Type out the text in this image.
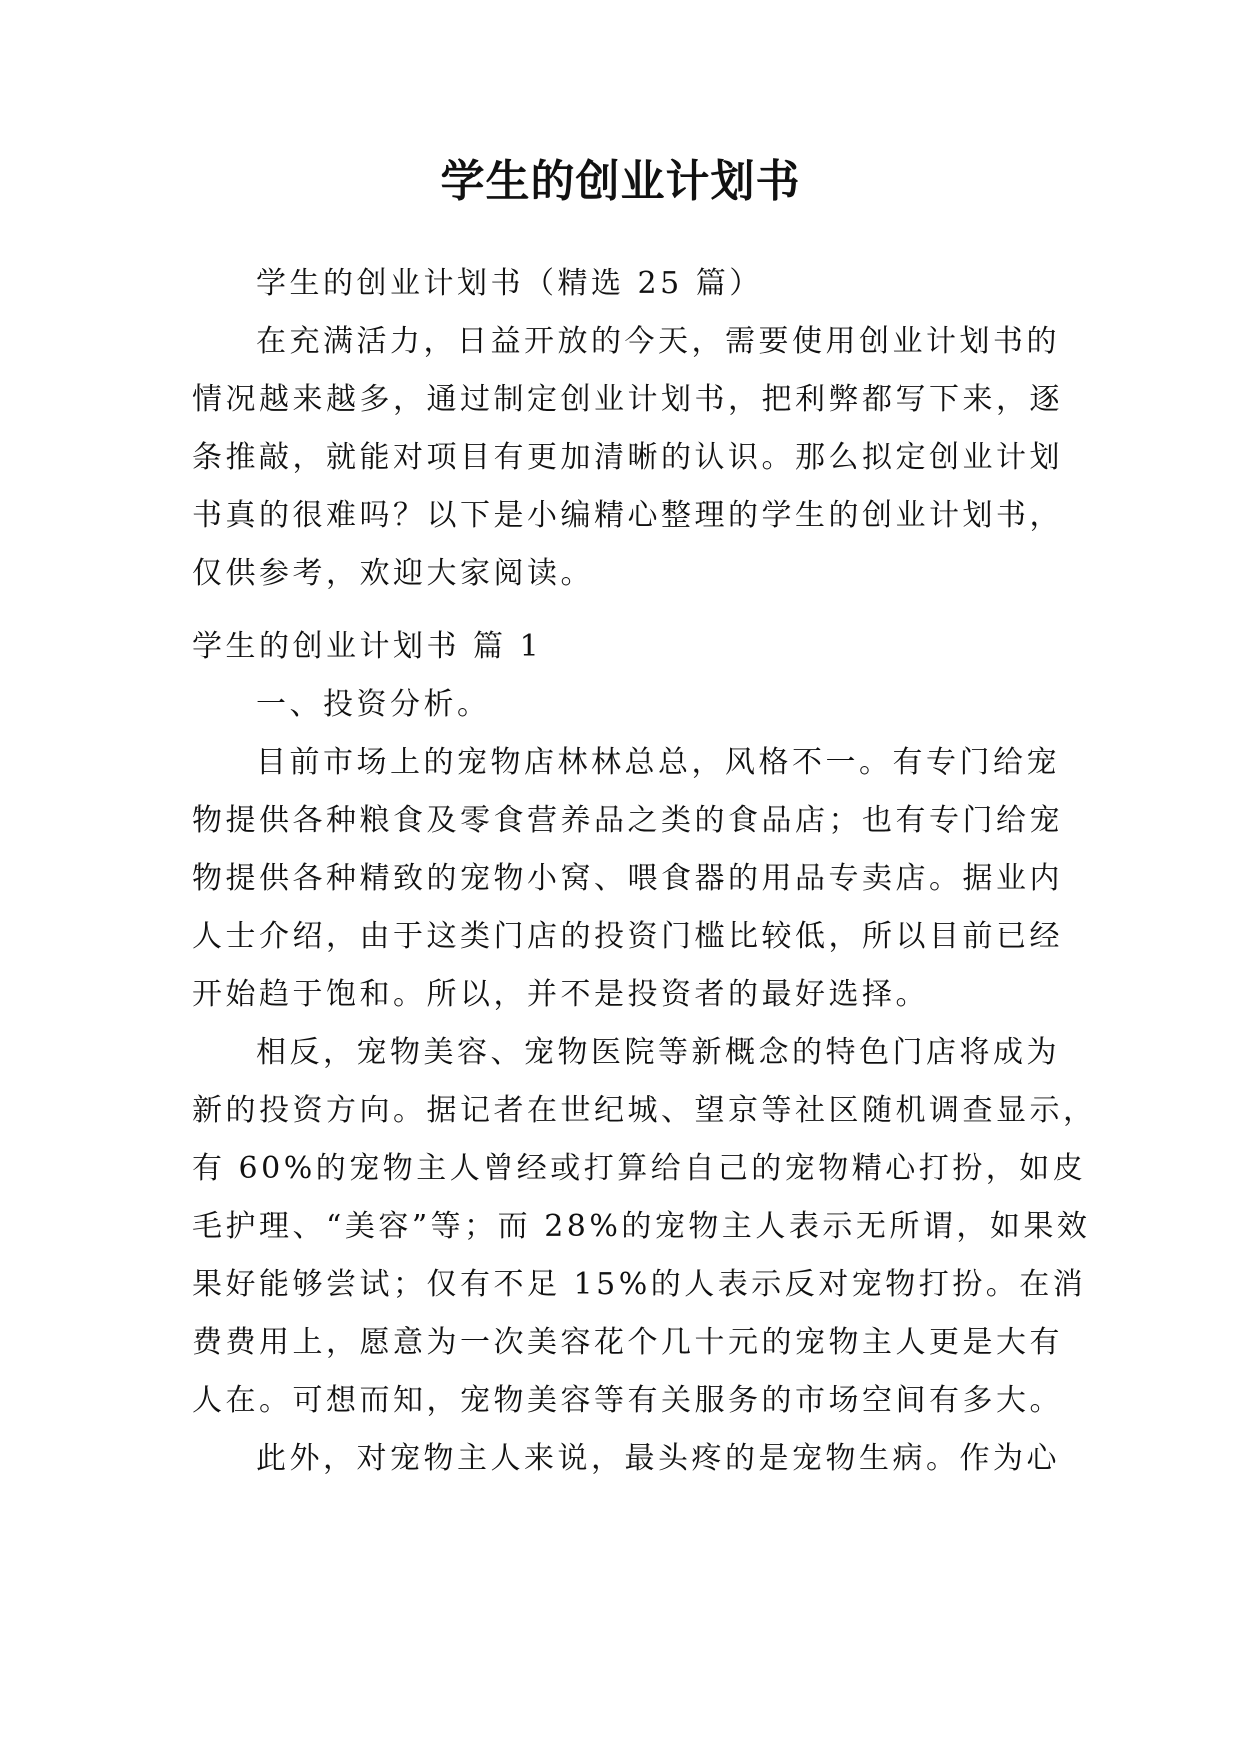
学生的创业计划书
学生的创业计划书（精选 25 篇）
在充满活力，日益开放的今天，需要使用创业计划书的
情况越来越多，通过制定创业计划书，把利弊都写下来，逐
条推敲，就能对项目有更加清晰的认识。那么拟定创业计划
书真的很难吗？以下是小编精心整理的学生的创业计划书，
仅供参考，欢迎大家阅读。
学生的创业计划书 篇 1
一、投资分析。
目前市场上的宠物店林林总总，风格不一。有专门给宠
物提供各种粮食及零食营养品之类的食品店；也有专门给宠
物提供各种精致的宠物小窝、喂食器的用品专卖店。据业内
人士介绍，由于这类门店的投资门槛比较低，所以目前已经
开始趋于饱和。所以，并不是投资者的最好选择。
相反，宠物美容、宠物医院等新概念的特色门店将成为
新的投资方向。据记者在世纪城、望京等社区随机调查显示，
有 60%的宠物主人曾经或打算给自己的宠物精心打扮，如皮
毛护理、“美容”等；而 28%的宠物主人表示无所谓，如果效
果好能够尝试；仅有不足 15%的人表示反对宠物打扮。在消
费费用上，愿意为一次美容花个几十元的宠物主人更是大有
人在。可想而知，宠物美容等有关服务的市场空间有多大。
此外，对宠物主人来说，最头疼的是宠物生病。作为心
